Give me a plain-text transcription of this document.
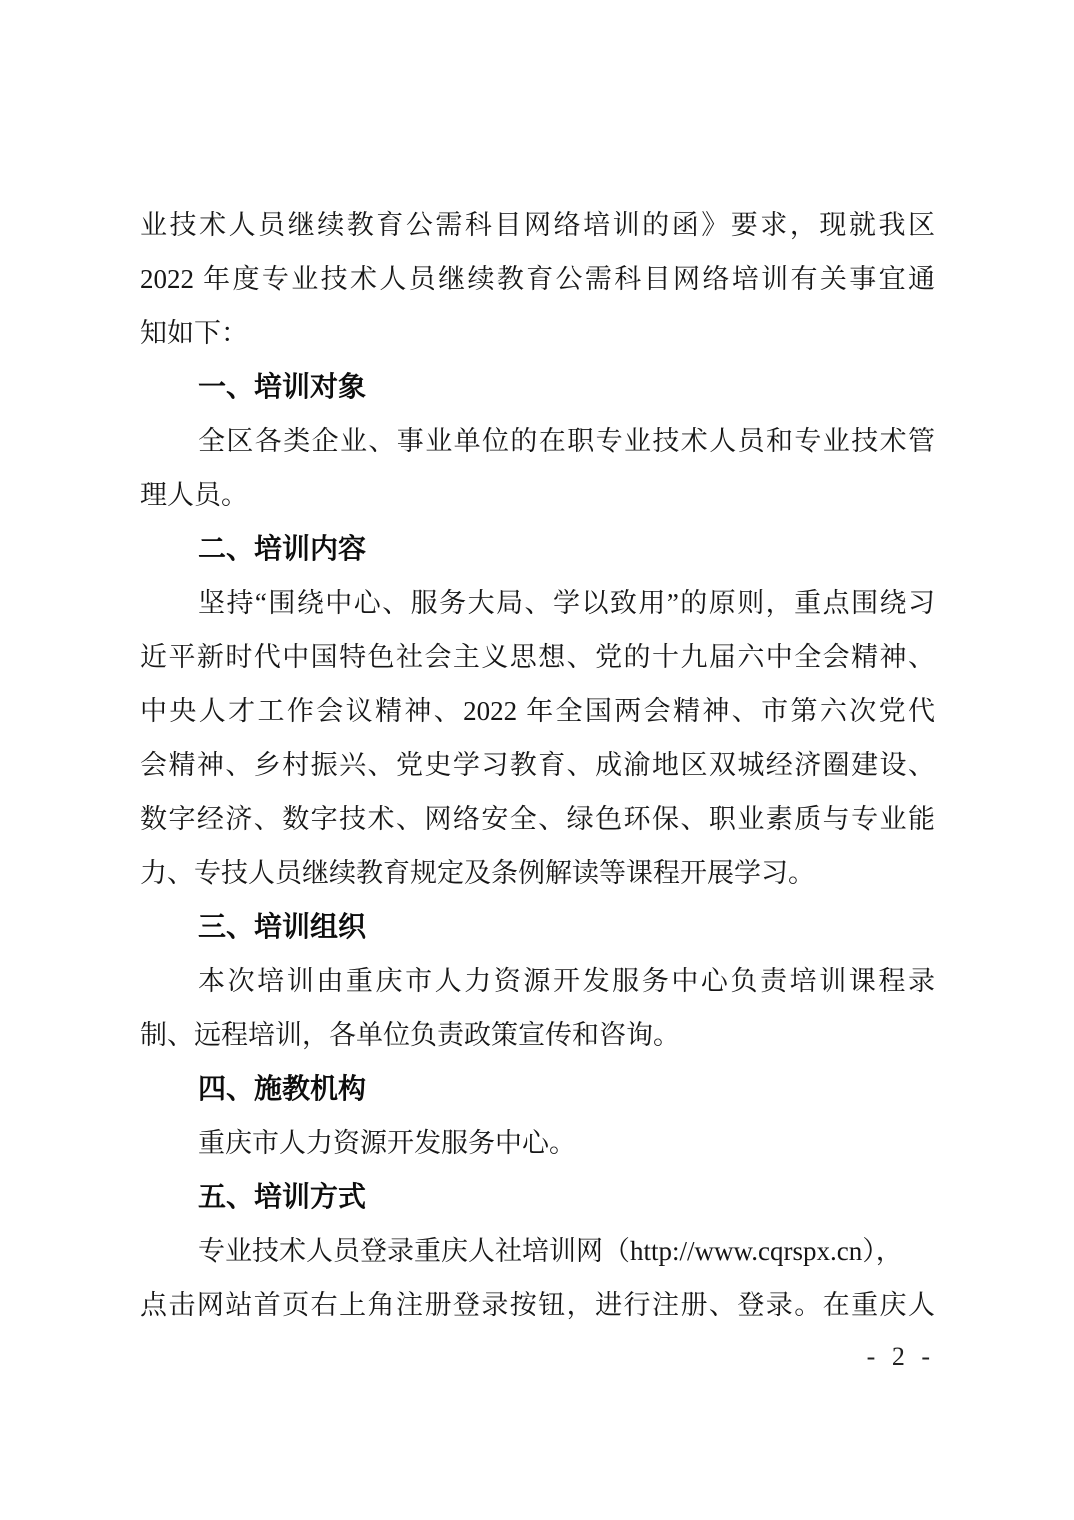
业技术人员继续教育公需科目网络培训的函》要求，现就我区
2022 年度专业技术人员继续教育公需科目网络培训有关事宜通
知如下：
一、培训对象
全区各类企业、事业单位的在职专业技术人员和专业技术管
理人员。
二、培训内容
坚持“围绕中心、服务大局、学以致用”的原则，重点围绕习
近平新时代中国特色社会主义思想、党的十九届六中全会精神、
中央人才工作会议精神、2022 年全国两会精神、市第六次党代
会精神、乡村振兴、党史学习教育、成渝地区双城经济圈建设、
数字经济、数字技术、网络安全、绿色环保、职业素质与专业能
力、专技人员继续教育规定及条例解读等课程开展学习。
三、培训组织
本次培训由重庆市人力资源开发服务中心负责培训课程录
制、远程培训，各单位负责政策宣传和咨询。
四、施教机构
重庆市人力资源开发服务中心。
五、培训方式
专业技术人员登录重庆人社培训网（http://www.cqrspx.cn），
点击网站首页右上角注册登录按钮，进行注册、登录。在重庆人
- 2 -
